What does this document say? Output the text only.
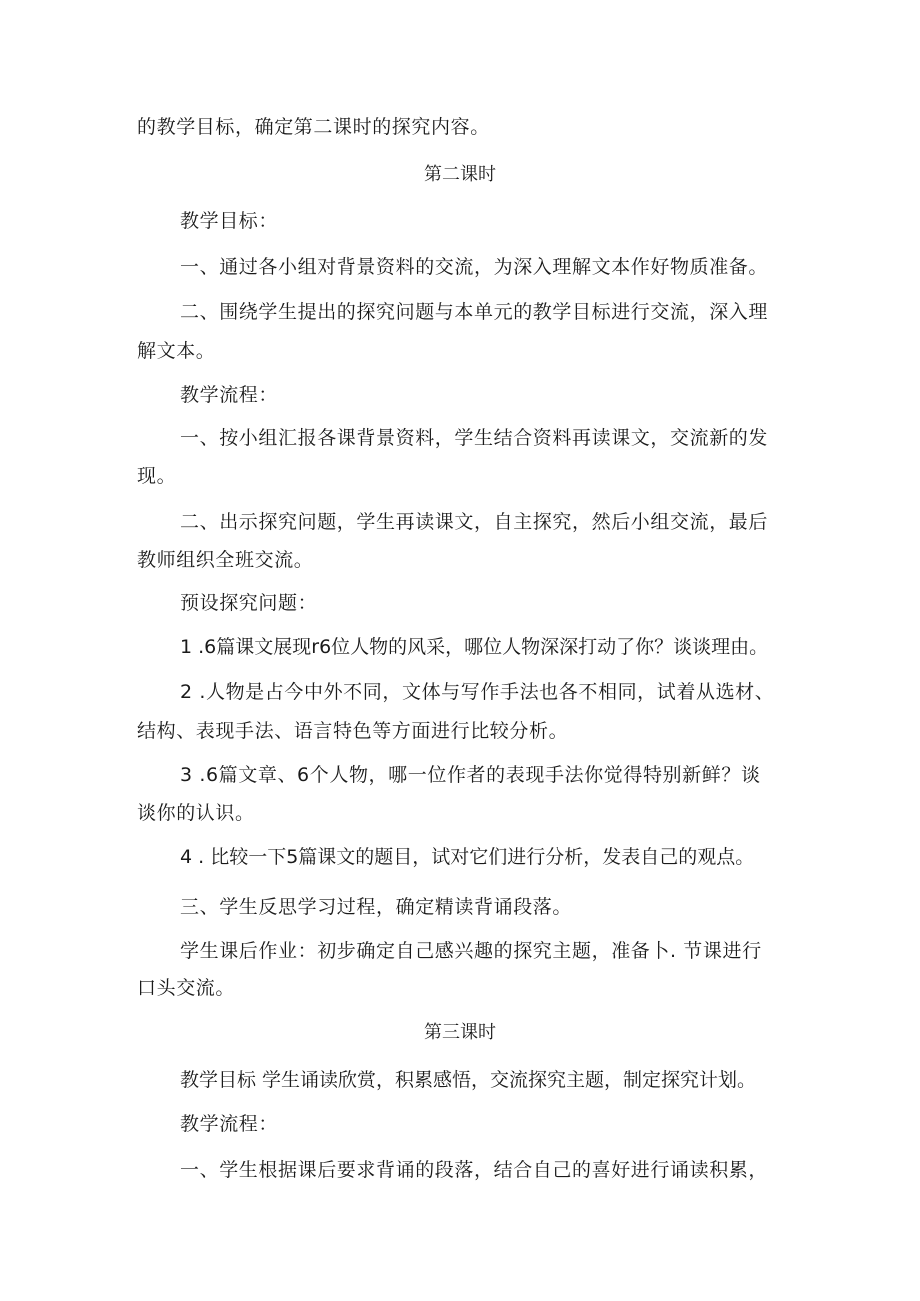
的教学目标，确定第二课时的探究内容。
第二课时
教学目标：
一、通过各小组对背景资料的交流，为深入理解文本作好物质准备。
二、围绕学生提出的探究问题与本单元的教学目标进行交流，深入理
解文本。
教学流程：
一、按小组汇报各课背景资料，学生结合资料再读课文，交流新的发
现。
二、出示探究问题，学生再读课文，自主探究，然后小组交流，最后
教师组织全班交流。
预设探究问题：
1 .6篇课文展现r6位人物的风采，哪位人物深深打动了你？谈谈理由。
2 .人物是占今中外不同，文体与写作手法也各不相同，试着从选材、
结构、表现手法、语言特色等方面进行比较分析。
3 .6篇文章、6个人物，哪一位作者的表现手法你觉得特别新鲜？谈
谈你的认识。
4 . 比较一下5篇课文的题目，试对它们进行分析，发表自己的观点。
三、学生反思学习过程，确定精读背诵段落。
学生课后作业：初步确定自己感兴趣的探究主题，准备卜. 节课进行
口头交流。
第三课时
教学目标 学生诵读欣赏，积累感悟，交流探究主题，制定探究计划。
教学流程：
一、学生根据课后要求背诵的段落，结合自己的喜好进行诵读积累，
